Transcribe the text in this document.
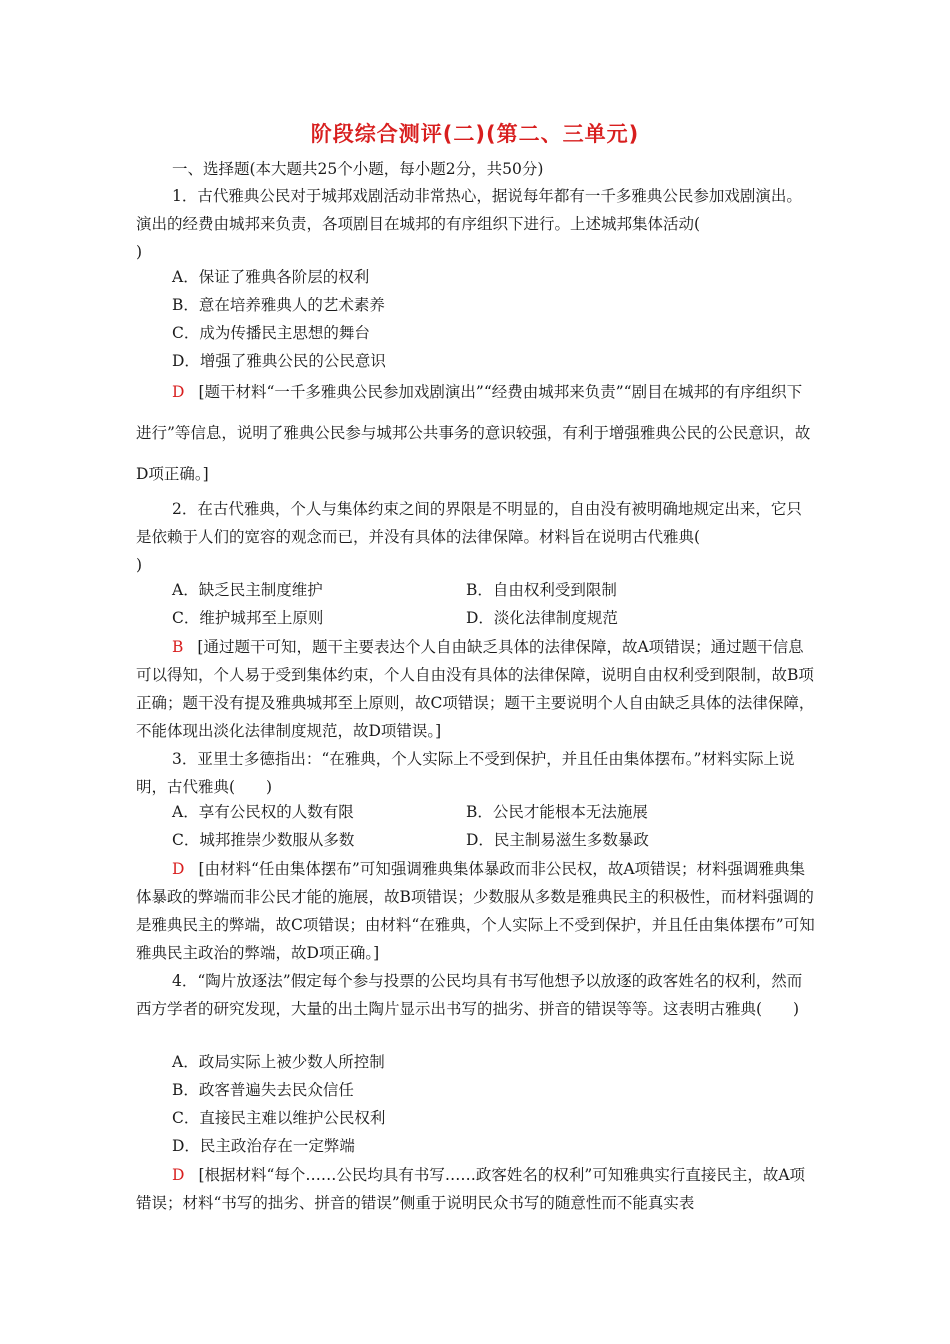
阶段综合测评(二)(第二、三单元)
一、选择题(本大题共25个小题，每小题2分，共50分)

1．古代雅典公民对于城邦戏剧活动非常热心，据说每年都有一千多雅典公民参加戏剧演出。演出的经费由城邦来负责，各项剧目在城邦的有序组织下进行。上述城邦集体活动(
)

A．保证了雅典各阶层的权利
B．意在培养雅典人的艺术素养
C．成为传播民主思想的舞台
D．增强了雅典公民的公民意识

D [题干材料“一千多雅典公民参加戏剧演出”“经费由城邦来负责”“剧目在城邦的有序组织下进行”等信息，说明了雅典公民参与城邦公共事务的意识较强，有利于增强雅典公民的公民意识，故D项正确。]

2．在古代雅典，个人与集体约束之间的界限是不明显的，自由没有被明确地规定出来，它只是依赖于人们的宽容的观念而已，并没有具体的法律保障。材料旨在说明古代雅典(
)

A．缺乏民主制度维护	B．自由权利受到限制
C．维护城邦至上原则	D．淡化法律制度规范

B [通过题干可知，题干主要表达个人自由缺乏具体的法律保障，故A项错误；通过题干信息可以得知，个人易于受到集体约束，个人自由没有具体的法律保障，说明自由权利受到限制，故B项正确；题干没有提及雅典城邦至上原则，故C项错误；题干主要说明个人自由缺乏具体的法律保障，不能体现出淡化法律制度规范，故D项错误。]

3．亚里士多德指出：“在雅典，个人实际上不受到保护，并且任由集体摆布。”材料实际上说明，古代雅典(　　)

A．享有公民权的人数有限	B．公民才能根本无法施展
C．城邦推崇少数服从多数	D．民主制易滋生多数暴政

D [由材料“任由集体摆布”可知强调雅典集体暴政而非公民权，故A项错误；材料强调雅典集体暴政的弊端而非公民才能的施展，故B项错误；少数服从多数是雅典民主的积极性，而材料强调的是雅典民主的弊端，故C项错误；由材料“在雅典，个人实际上不受到保护，并且任由集体摆布”可知雅典民主政治的弊端，故D项正确。]

4．“陶片放逐法”假定每个参与投票的公民均具有书写他想予以放逐的政客姓名的权利，然而西方学者的研究发现，大量的出土陶片显示出书写的拙劣、拼音的错误等等。这表明古雅典(　　)

A．政局实际上被少数人所控制
B．政客普遍失去民众信任
C．直接民主难以维护公民权利
D．民主政治存在一定弊端

D [根据材料“每个……公民均具有书写……政客姓名的权利”可知雅典实行直接民主，故A项错误；材料“书写的拙劣、拼音的错误”侧重于说明民众书写的随意性而不能真实表
